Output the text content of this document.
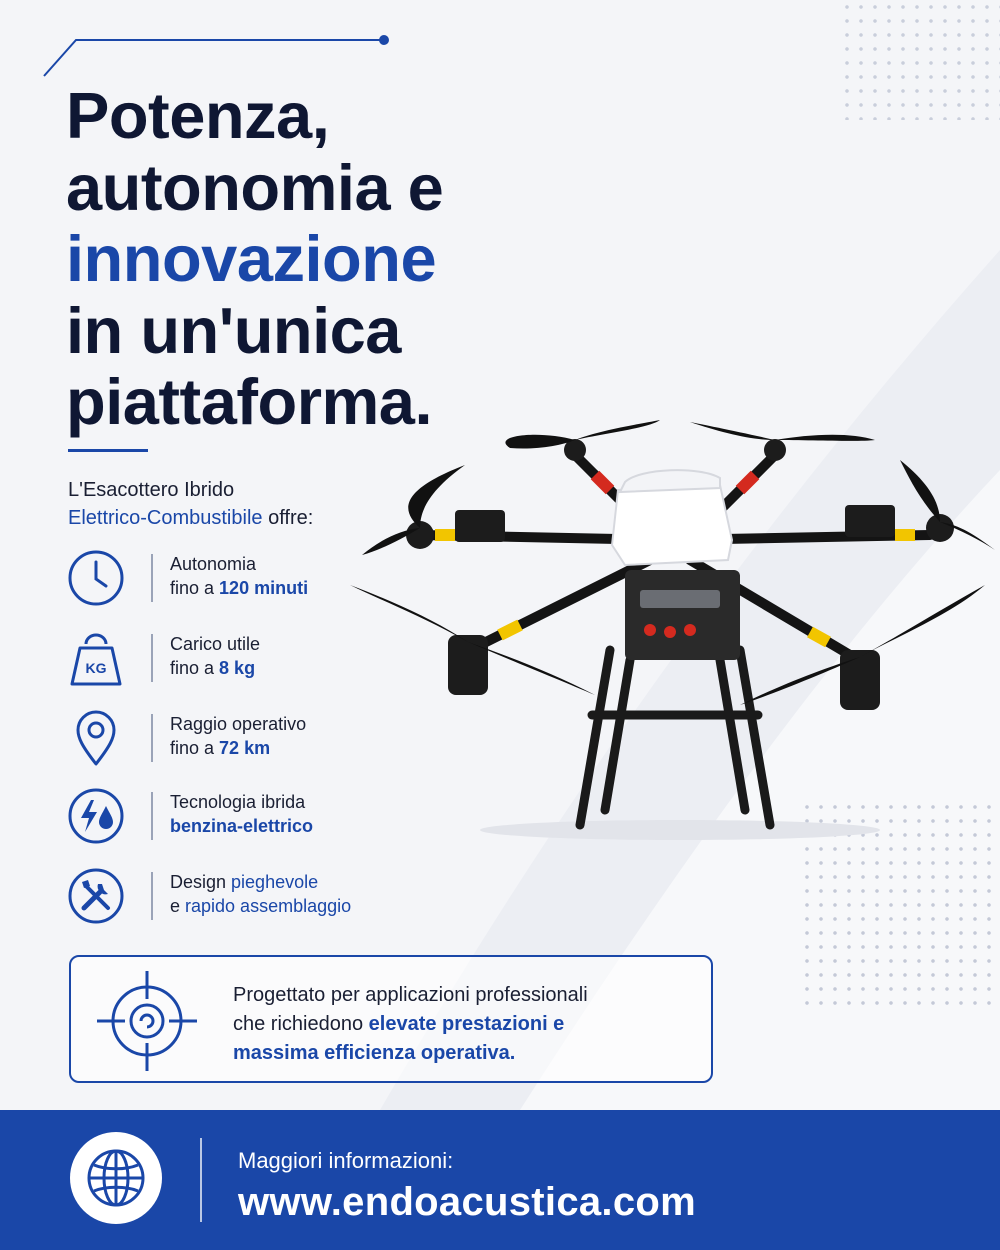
Potenza,
autonomia e
innovazione
in un'unica
piattaforma.
L'Esacottero Ibrido
Elettrico-Combustibile offre:
Autonomia
fino a 120 minuti
KG
Carico utile
fino a 8 kg
Raggio operativo
fino a 72 km
Tecnologia ibrida
benzina-elettrico
Design pieghevole
e rapido assemblaggio
Progettato per applicazioni professionali
che richiedono elevate prestazioni e
massima efficienza operativa.
Maggiori informazioni:
www.endoacustica.com
